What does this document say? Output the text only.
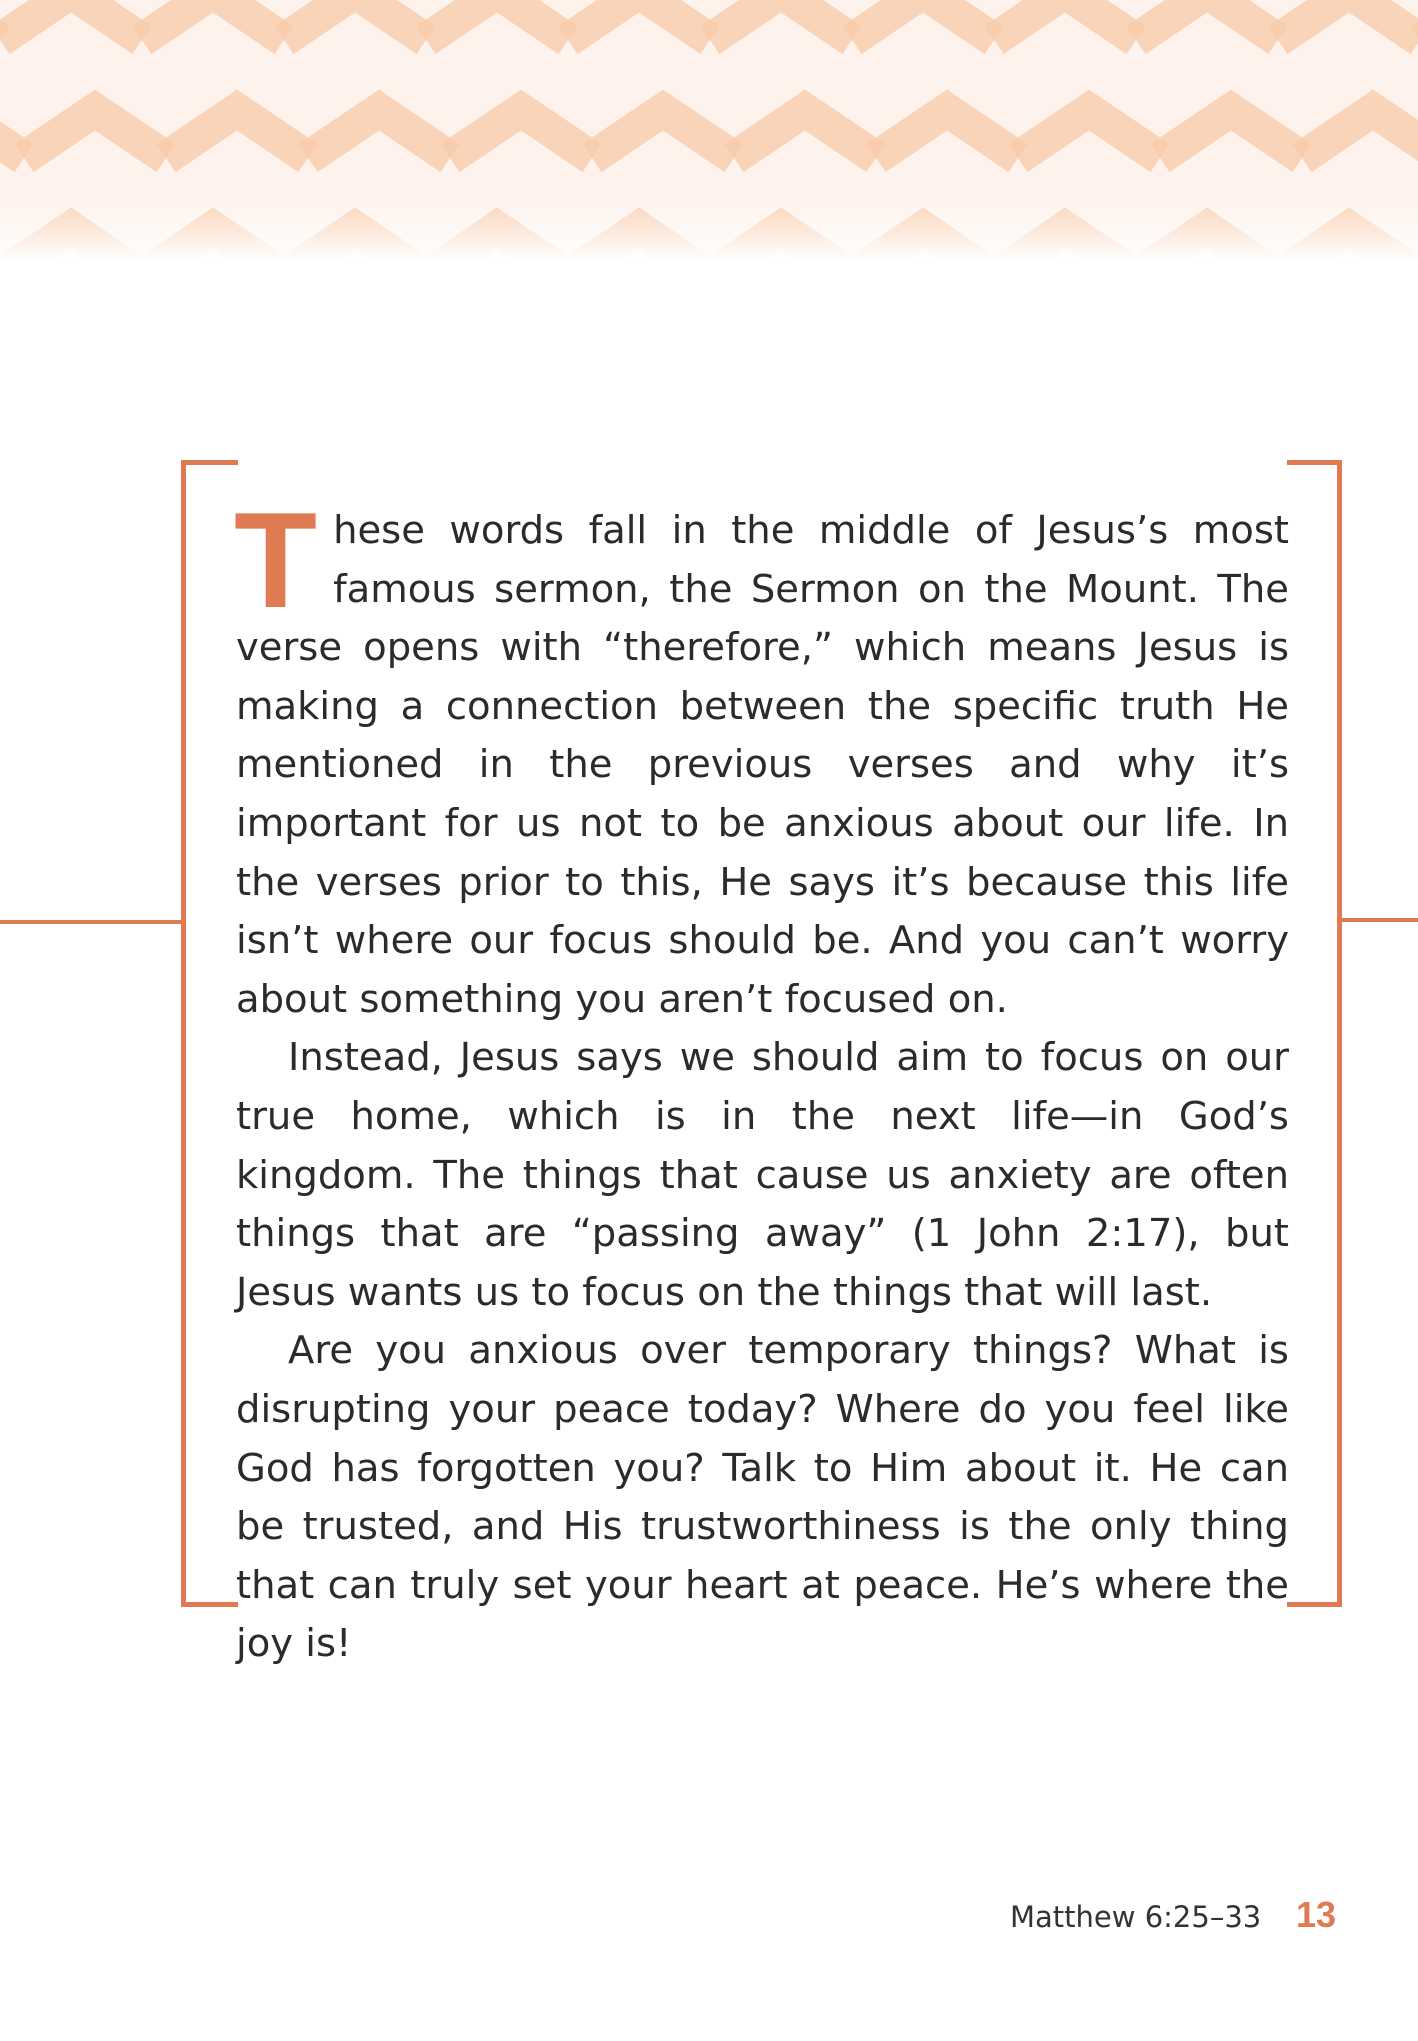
These words fall in the middle of Jesus’s most famous sermon, the Sermon on the Mount. The verse opens with “therefore,” which means Jesus is making a connection between the specific truth He mentioned in the previous verses and why it’s important for us not to be anxious about our life. In the verses prior to this, He says it’s because this life isn’t where our focus should be. And you can’t worry about something you aren’t focused on.

Instead, Jesus says we should aim to focus on our true home, which is in the next life—in God’s kingdom. The things that cause us anxiety are often things that are “passing away” (1 John 2:17), but Jesus wants us to focus on the things that will last.

Are you anxious over temporary things? What is disrupting your peace today? Where do you feel like God has forgotten you? Talk to Him about it. He can be trusted, and His trustworthiness is the only thing that can truly set your heart at peace. He’s where the joy is!

Matthew 6:25–33 13
